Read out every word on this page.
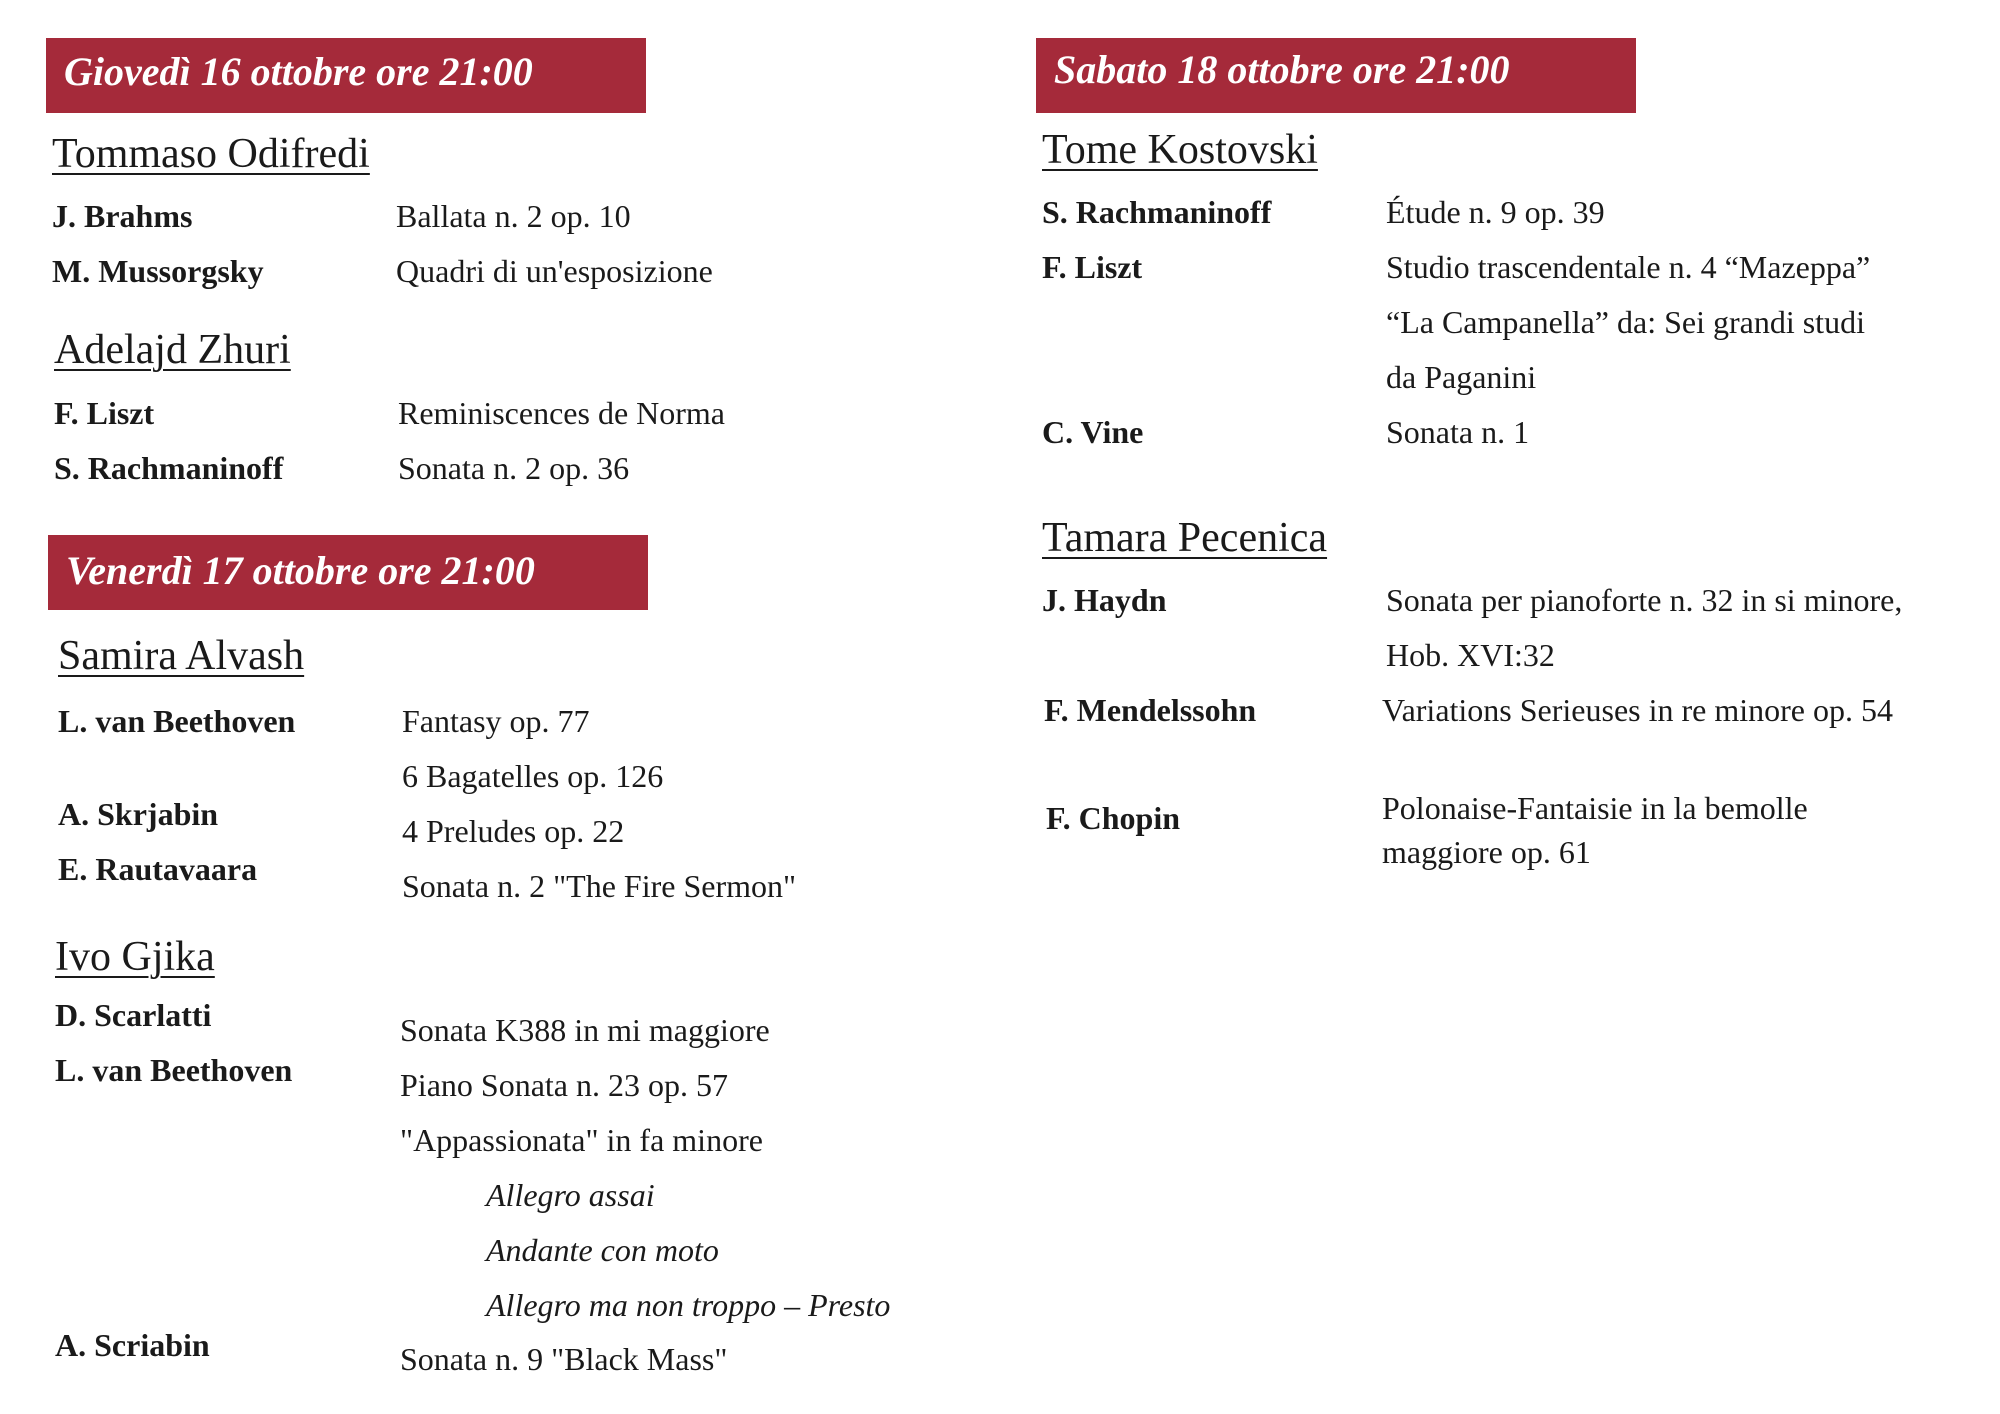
Giovedì 16 ottobre ore 21:00
Tommaso Odifredi
J. Brahms	Ballata n. 2 op. 10
M. Mussorgsky	Quadri di un'esposizione
Adelajd Zhuri
F. Liszt	Reminiscences de Norma
S. Rachmaninoff	Sonata n. 2 op. 36
Venerdì 17 ottobre ore 21:00
Samira Alvash
L. van Beethoven	Fantasy op. 77
6 Bagatelles op. 126
A. Skrjabin	4 Preludes op. 22
E. Rautavaara	Sonata n. 2 "The Fire Sermon"
Ivo Gjika
D. Scarlatti	Sonata K388 in mi maggiore
L. van Beethoven	Piano Sonata n. 23 op. 57
"Appassionata" in fa minore
Allegro assai
Andante con moto
Allegro ma non troppo – Presto
A. Scriabin	Sonata n. 9 "Black Mass"
Sabato 18 ottobre ore 21:00
Tome Kostovski
S. Rachmaninoff	Étude n. 9 op. 39
F. Liszt	Studio trascendentale n. 4 “Mazeppa”
“La Campanella” da: Sei grandi studi
da Paganini
C. Vine	Sonata n. 1
Tamara Pecenica
J. Haydn	Sonata per pianoforte n. 32 in si minore,
Hob. XVI:32
F. Mendelssohn	Variations Serieuses in re minore op. 54
F. Chopin	Polonaise-Fantaisie in la bemolle
maggiore op. 61
